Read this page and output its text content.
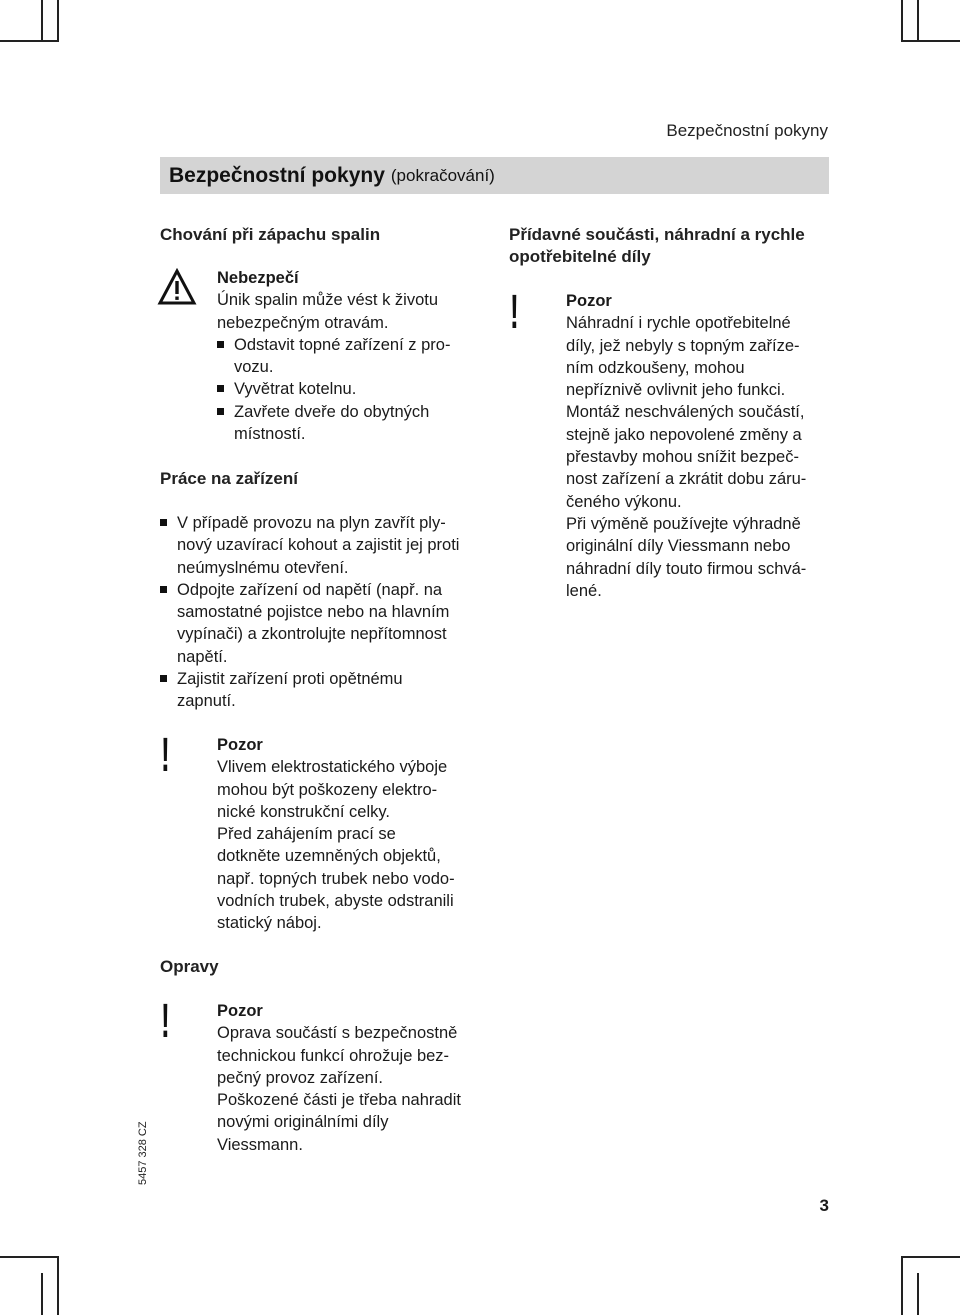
Bezpečnostní pokyny
Bezpečnostní pokyny (pokračování)
Chování při zápachu spalin
Nebezpečí
Únik spalin může vést k životu
nebezpečným otravám.
Odstavit topné zařízení z pro-
vozu.
Vyvětrat kotelnu.
Zavřete dveře do obytných
místností.
Práce na zařízení
V případě provozu na plyn zavřít ply-
nový uzavírací kohout a zajistit jej proti
neúmyslnému otevření.
Odpojte zařízení od napětí (např. na
samostatné pojistce nebo na hlavním
vypínači) a zkontrolujte nepřítomnost
napětí.
Zajistit zařízení proti opětnému
zapnutí.
!	Pozor
Vlivem elektrostatického výboje
mohou být poškozeny elektro-
nické konstrukční celky.
Před zahájením prací se
dotkněte uzemněných objektů,
např. topných trubek nebo vodo-
vodních trubek, abyste odstranili
statický náboj.
Opravy
!	Pozor
Oprava součástí s bezpečnostně
technickou funkcí ohrožuje bez-
pečný provoz zařízení.
Poškozené části je třeba nahradit
novými originálními díly
Viessmann.
Přídavné součásti, náhradní a rychle
opotřebitelné díly
!	Pozor
Náhradní i rychle opotřebitelné
díly, jež nebyly s topným zaříze-
ním odzkoušeny, mohou
nepříznivě ovlivnit jeho funkci.
Montáž neschválených součástí,
stejně jako nepovolené změny a
přestavby mohou snížit bezpeč-
nost zařízení a zkrátit dobu záru-
čeného výkonu.
Při výměně používejte výhradně
originální díly Viessmann nebo
náhradní díly touto firmou schvá-
lené.
5457 328 CZ
3
